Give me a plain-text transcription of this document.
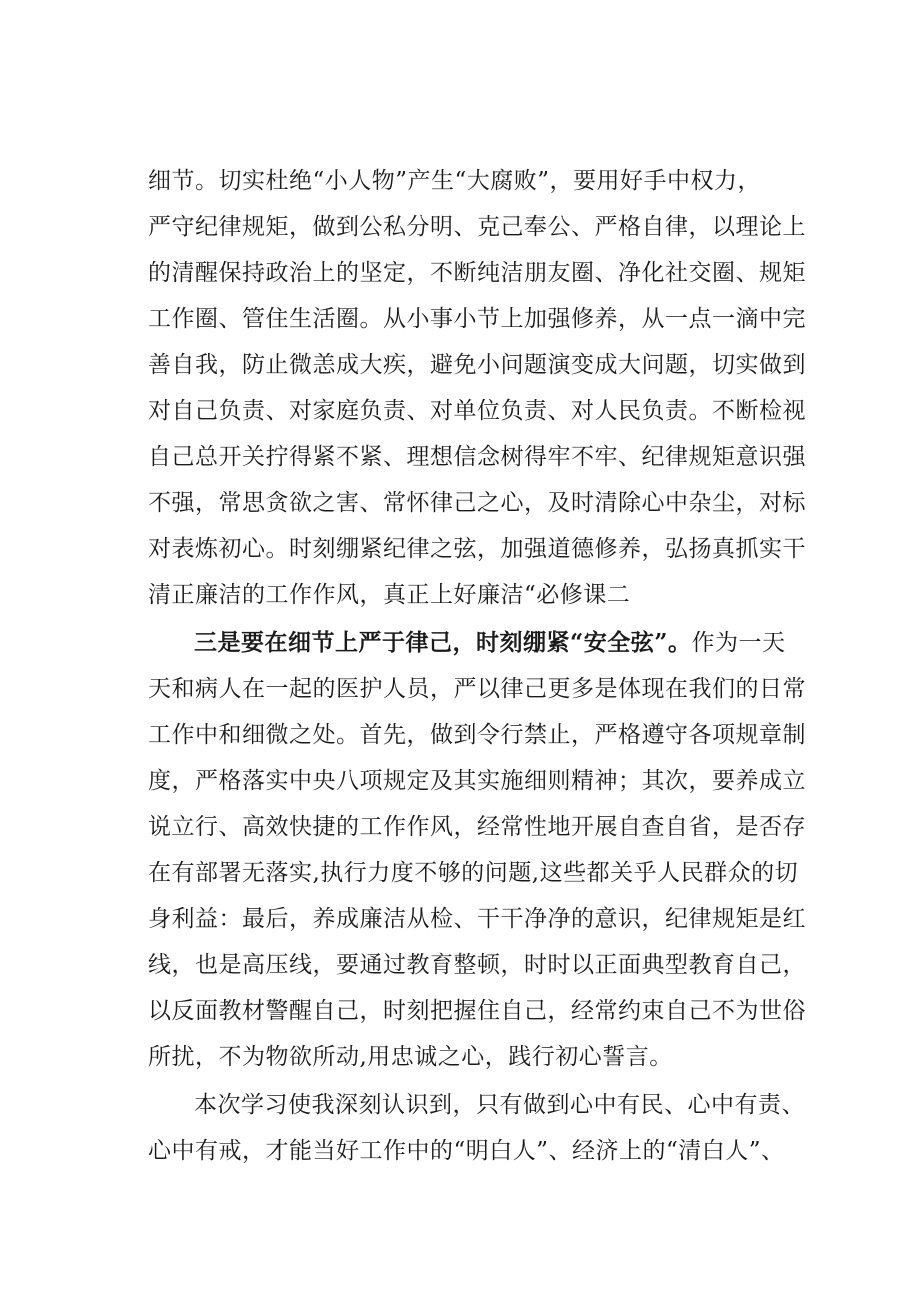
细节。切实杜绝“小人物”产生“大腐败”，要用好手中权力，
严守纪律规矩，做到公私分明、克己奉公、严格自律，以理论上
的清醒保持政治上的坚定，不断纯洁朋友圈、净化社交圈、规矩
工作圈、管住生活圈。从小事小节上加强修养，从一点一滴中完
善自我，防止微恙成大疾，避免小问题演变成大问题，切实做到
对自己负责、对家庭负责、对单位负责、对人民负责。不断检视
自己总开关拧得紧不紧、理想信念树得牢不牢、纪律规矩意识强
不强，常思贪欲之害、常怀律己之心，及时清除心中杂尘，对标
对表炼初心。时刻绷紧纪律之弦，加强道德修养，弘扬真抓实干
清正廉洁的工作作风，真正上好廉洁“必修课二
三是要在细节上严于律己，时刻绷紧“安全弦”。作为一天
天和病人在一起的医护人员，严以律己更多是体现在我们的日常
工作中和细微之处。首先，做到令行禁止，严格遵守各项规章制
度，严格落实中央八项规定及其实施细则精神；其次，要养成立
说立行、高效快捷的工作作风，经常性地开展自查自省，是否存
在有部署无落实,执行力度不够的问题,这些都关乎人民群众的切
身利益：最后，养成廉洁从检、干干净净的意识，纪律规矩是红
线，也是高压线，要通过教育整顿，时时以正面典型教育自己，
以反面教材警醒自己，时刻把握住自己，经常约束自己不为世俗
所扰，不为物欲所动,用忠诚之心，践行初心誓言。
本次学习使我深刻认识到，只有做到心中有民、心中有责、
心中有戒，才能当好工作中的“明白人”、经济上的“清白人”、
